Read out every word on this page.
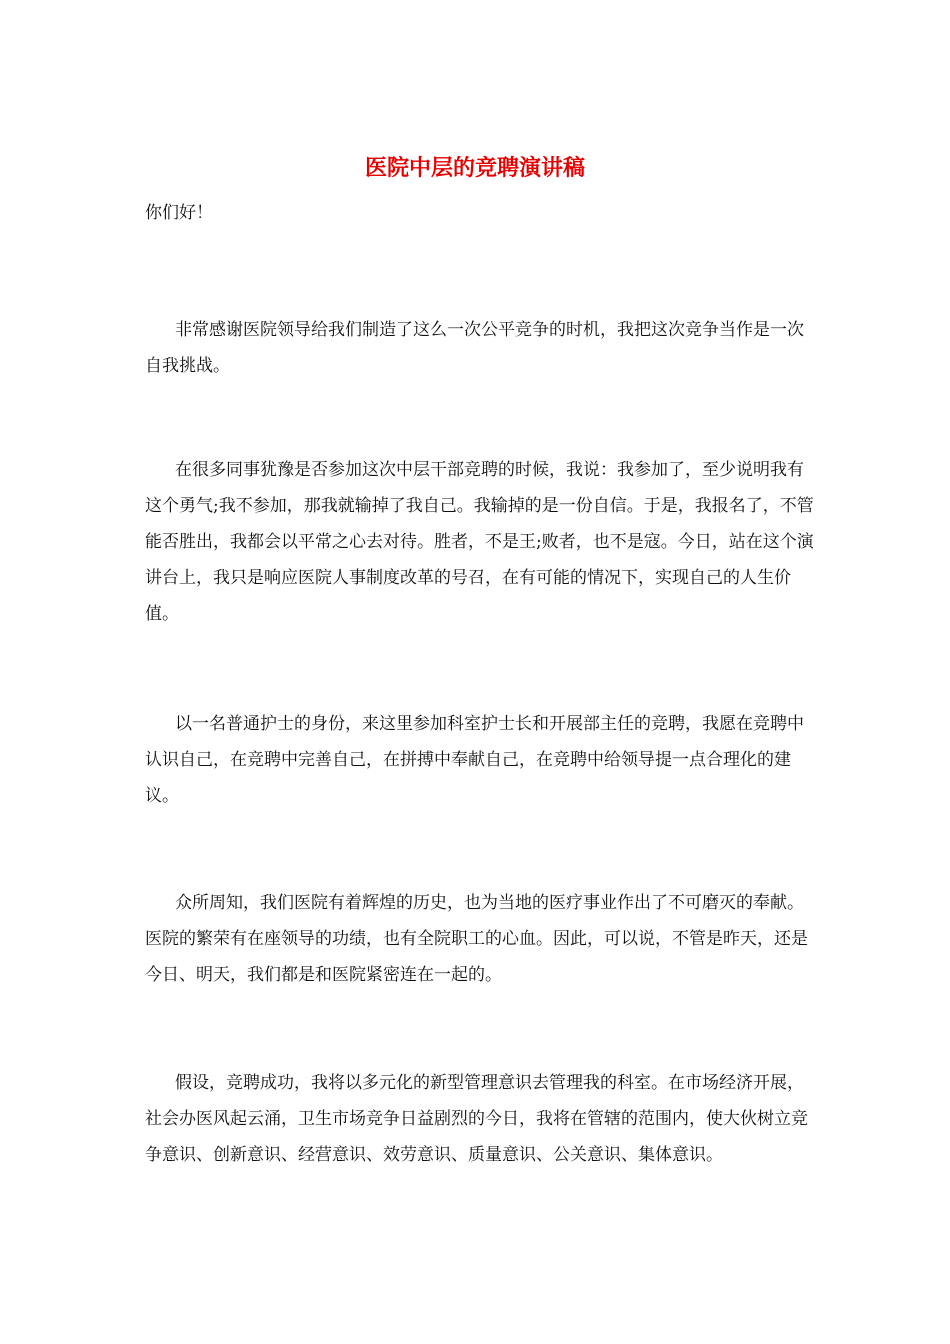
医院中层的竞聘演讲稿
你们好！

非常感谢医院领导给我们制造了这么一次公平竞争的时机，我把这次竞争当作是一次自我挑战。

在很多同事犹豫是否参加这次中层干部竞聘的时候，我说：我参加了，至少说明我有这个勇气;我不参加，那我就输掉了我自己。我输掉的是一份自信。于是，我报名了，不管能否胜出，我都会以平常之心去对待。胜者，不是王;败者，也不是寇。今日，站在这个演讲台上，我只是响应医院人事制度改革的号召，在有可能的情况下，实现自己的人生价值。

以一名普通护士的身份，来这里参加科室护士长和开展部主任的竞聘，我愿在竞聘中认识自己，在竞聘中完善自己，在拼搏中奉献自己，在竞聘中给领导提一点合理化的建议。

众所周知，我们医院有着辉煌的历史，也为当地的医疗事业作出了不可磨灭的奉献。医院的繁荣有在座领导的功绩，也有全院职工的心血。因此，可以说，不管是昨天，还是今日、明天，我们都是和医院紧密连在一起的。

假设，竞聘成功，我将以多元化的新型管理意识去管理我的科室。在市场经济开展，社会办医风起云涌，卫生市场竞争日益剧烈的今日，我将在管辖的范围内，使大伙树立竞争意识、创新意识、经营意识、效劳意识、质量意识、公关意识、集体意识。
